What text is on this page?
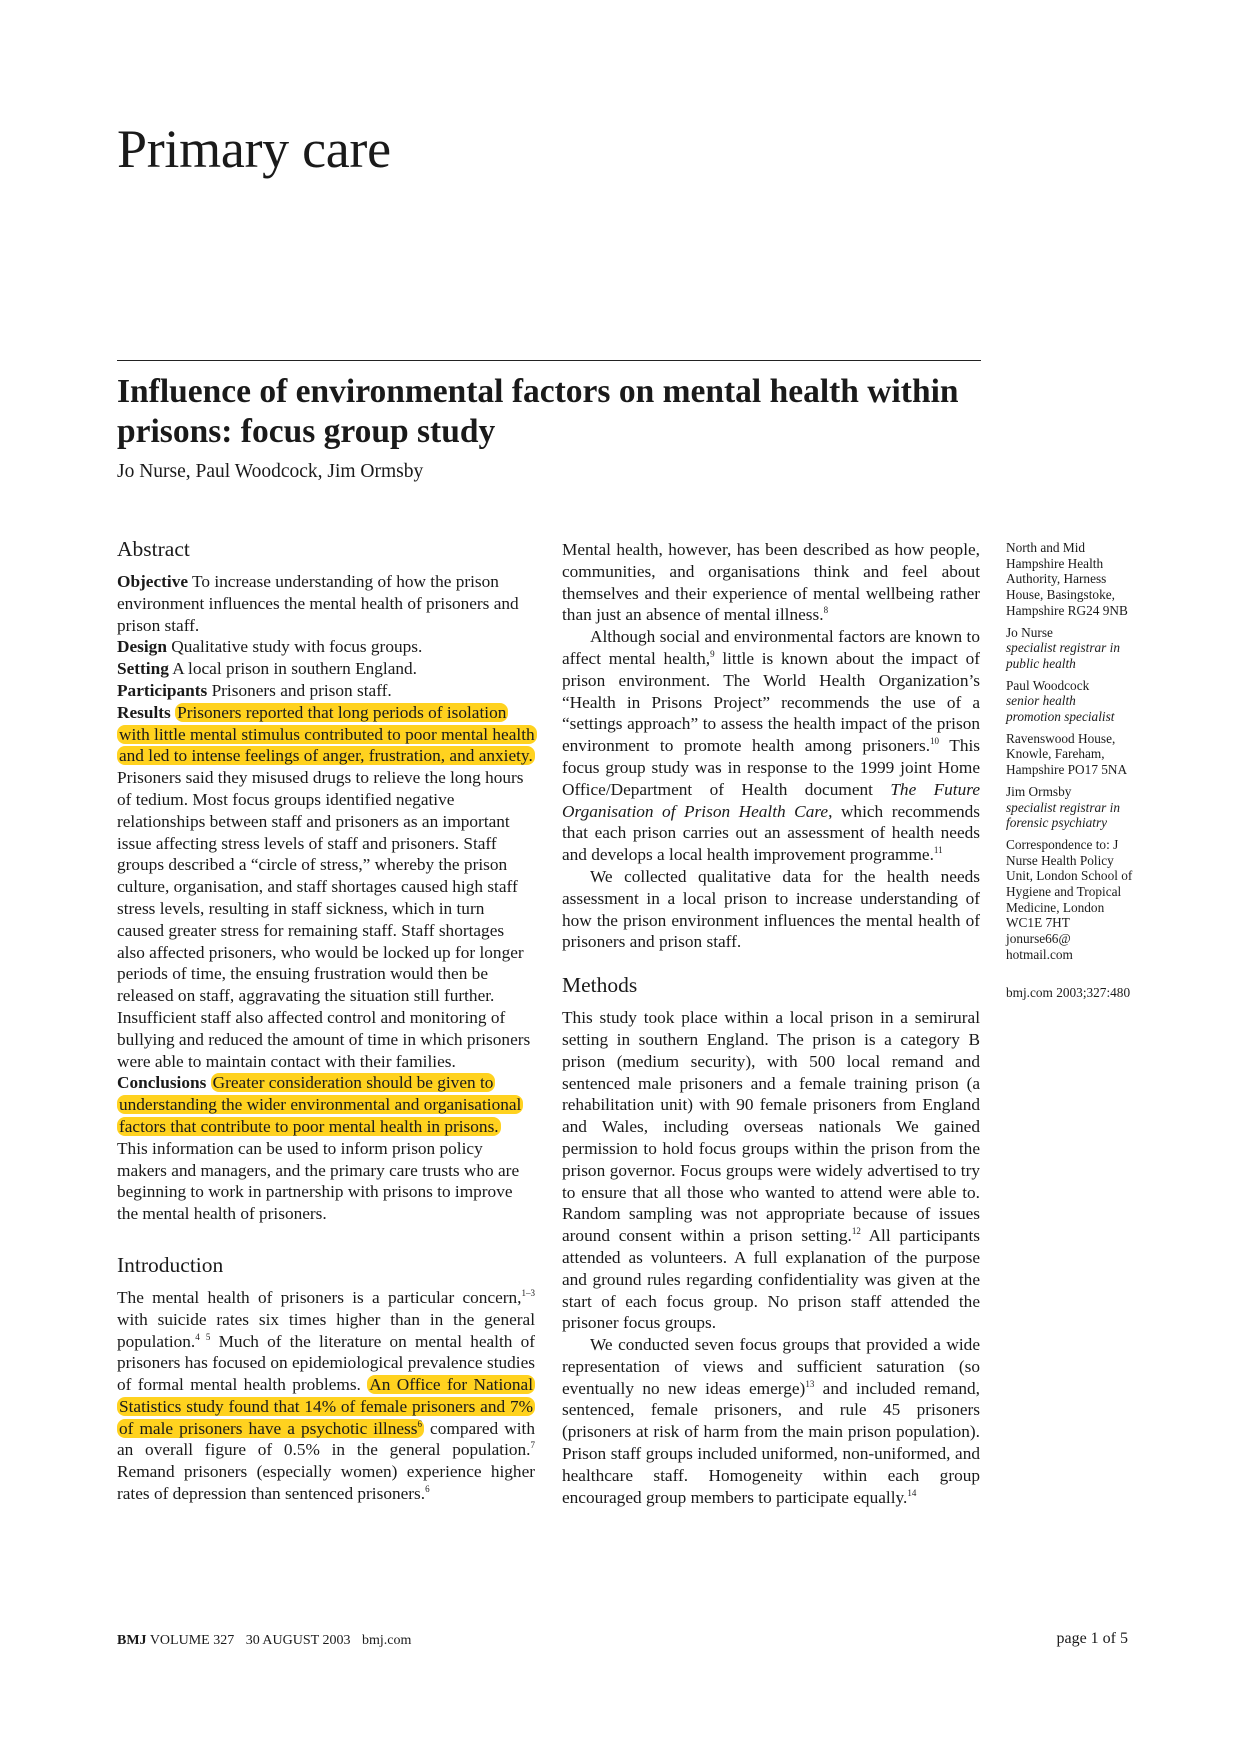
Primary care
Influence of environmental factors on mental health within prisons: focus group study
Jo Nurse, Paul Woodcock, Jim Ormsby
Abstract

Objective To increase understanding of how the prison environment influences the mental health of prisoners and prison staff.

Design Qualitative study with focus groups.

Setting A local prison in southern England.

Participants Prisoners and prison staff.

Results Prisoners reported that long periods of isolation with little mental stimulus contributed to poor mental health and led to intense feelings of anger, frustration, and anxiety. Prisoners said they misused drugs to relieve the long hours of tedium. Most focus groups identified negative relationships between staff and prisoners as an important issue affecting stress levels of staff and prisoners. Staff groups described a “circle of stress,” whereby the prison culture, organisation, and staff shortages caused high staff stress levels, resulting in staff sickness, which in turn caused greater stress for remaining staff. Staff shortages also affected prisoners, who would be locked up for longer periods of time, the ensuing frustration would then be released on staff, aggravating the situation still further. Insufficient staff also affected control and monitoring of bullying and reduced the amount of time in which prisoners were able to maintain contact with their families.

Conclusions Greater consideration should be given to understanding the wider environmental and organisational factors that contribute to poor mental health in prisons. This information can be used to inform prison policy makers and managers, and the primary care trusts who are beginning to work in partnership with prisons to improve the mental health of prisoners.

Introduction

The mental health of prisoners is a particular concern,$^{1-3}$ with suicide rates six times higher than in the general population.$^{4 5}$ Much of the literature on mental health of prisoners has focused on epidemiological prevalence studies of formal mental health problems. An Office for National Statistics study found that 14% of female prisoners and 7% of male prisoners have a psychotic illness$^6$ compared with an overall figure of 0.5% in the general population.$^7$ Remand prisoners (especially women) experience higher rates of depression than sentenced prisoners.$^6$

Mental health, however, has been described as how people, communities, and organisations think and feel about themselves and their experience of mental wellbeing rather than just an absence of mental illness.$^8$

Although social and environmental factors are known to affect mental health,$^9$ little is known about the impact of prison environment. The World Health Organization’s “Health in Prisons Project” recommends the use of a “settings approach” to assess the health impact of the prison environment to promote health among prisoners.$^{10}$ This focus group study was in response to the 1999 joint Home Office/Department of Health document The Future Organisation of Prison Health Care, which recommends that each prison carries out an assessment of health needs and develops a local health improvement programme.$^{11}$

We collected qualitative data for the health needs assessment in a local prison to increase understanding of how the prison environment influences the mental health of prisoners and prison staff.

Methods

This study took place within a local prison in a semirural setting in southern England. The prison is a category B prison (medium security), with 500 local remand and sentenced male prisoners and a female training prison (a rehabilitation unit) with 90 female prisoners from England and Wales, including overseas nationals We gained permission to hold focus groups within the prison from the prison governor. Focus groups were widely advertised to try to ensure that all those who wanted to attend were able to. Random sampling was not appropriate because of issues around consent within a prison setting.$^{12}$ All participants attended as volunteers. A full explanation of the purpose and ground rules regarding confidentiality was given at the start of each focus group. No prison staff attended the prisoner focus groups.

We conducted seven focus groups that provided a wide representation of views and sufficient saturation (so eventually no new ideas emerge)$^{13}$ and included remand, sentenced, female prisoners, and rule 45 prisoners (prisoners at risk of harm from the main prison population). Prison staff groups included uniformed, non-uniformed, and healthcare staff. Homogeneity within each group encouraged group members to participate equally.$^{14}$

North and Mid Hampshire Health Authority, Harness House, Basingstoke, Hampshire RG24 9NB

Jo Nurse
specialist registrar in public health

Paul Woodcock
senior health promotion specialist

Ravenswood House, Knowle, Fareham, Hampshire PO17 5NA

Jim Ormsby
specialist registrar in forensic psychiatry

Correspondence to: J Nurse Health Policy Unit, London School of Hygiene and Tropical Medicine, London WC1E 7HT jonurse66@ hotmail.com

bmj.com 2003;327:480

BMJ VOLUME 327 30 AUGUST 2003 bmj.com	page 1 of 5
